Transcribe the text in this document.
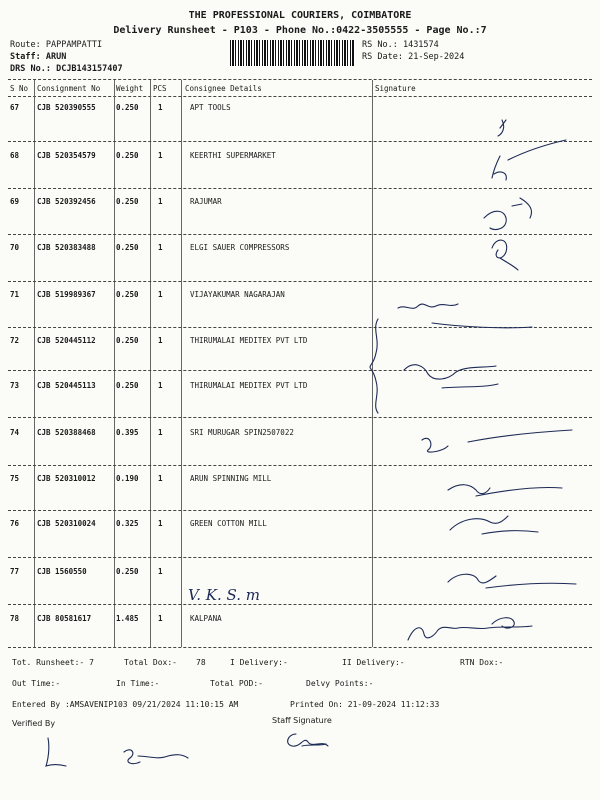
THE PROFESSIONAL COURIERS, COIMBATORE
Delivery Runsheet - P103 - Phone No.:0422-3505555 - Page No.:7
Route: PAPPAMPATTI
Staff: ARUN
DRS No.: DCJB143157407
RS No.: 1431574
RS Date: 21-Sep-2024
S No Consignment No Weight PCS Consignee Details	Signature
67 CJB 520390555	0.250	1	APT TOOLS
68 CJB 520354579	0.250	1	KEERTHI SUPERMARKET
69 CJB 520392456	0.250	1	RAJUMAR
70 CJB 520383488	0.250	1	ELGI SAUER COMPRESSORS
71 CJB 519989367	0.250	1	VIJAYAKUMAR NAGARAJAN
72 CJB 520445112	0.250	1	THIRUMALAI MEDITEX PVT LTD
73 CJB 520445113	0.250	1	THIRUMALAI MEDITEX PVT LTD
74 CJB 520388468	0.395	1	SRI MURUGAR SPIN2507022
75 CJB 520310012	0.190	1	ARUN SPINNING MILL
76 CJB 520310024	0.325	1	GREEN COTTON MILL
77 CJB 1560550	0.250	1
V. K. S. m
78 CJB 80581617	1.485	1	KALPANA
Tot. Runsheet:- 7	Total Dox:- 78	I Delivery:-	II Delivery:-	RTN Dox:-
Out Time:-	In Time:-	Total POD:-	Delvy Points:-
Entered By :AMSAVENIP103 09/21/2024 11:10:15 AM	Printed On: 21-09-2024 11:12:33
Verified By	Staff Signature
